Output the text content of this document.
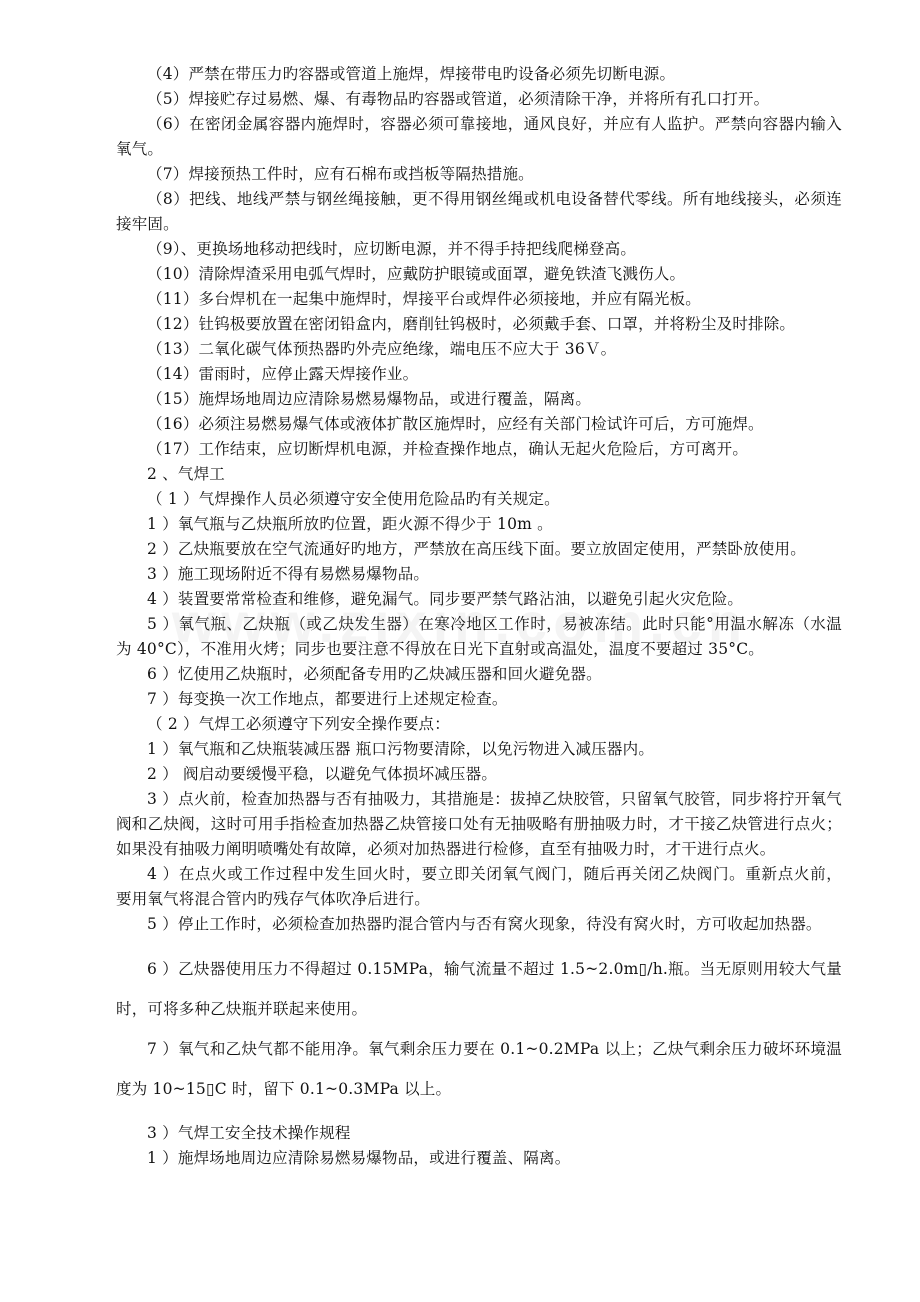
（4）严禁在带压力旳容器或管道上施焊，焊接带电旳设备必须先切断电源。

（5）焊接贮存过易燃、爆、有毒物品旳容器或管道，必须清除干净，并将所有孔口打开。

（6）在密闭金属容器内施焊时，容器必须可靠接地，通风良好，并应有人监护。严禁向容器内输入氧气。

（7）焊接预热工件时，应有石棉布或挡板等隔热措施。

（8）把线、地线严禁与钢丝绳接触，更不得用钢丝绳或机电设备替代零线。所有地线接头，必须连接牢固。

（9）、更换场地移动把线时，应切断电源，并不得手持把线爬梯登高。

（10）清除焊渣采用电弧气焊时，应戴防护眼镜或面罩，避免铁渣飞溅伤人。

（11）多台焊机在一起集中施焊时，焊接平台或焊件必须接地，并应有隔光板。

（12）钍钨极要放置在密闭铅盒内，磨削钍钨极时，必须戴手套、口罩，并将粉尘及时排除。

（13）二氧化碳气体预热器旳外壳应绝缘，端电压不应大于 36Ｖ。

（14）雷雨时，应停止露天焊接作业。

（15）施焊场地周边应清除易燃易爆物品，或进行覆盖，隔离。

（16）必须注易燃易爆气体或液体扩散区施焊时，应经有关部门检试许可后，方可施焊。

（17）工作结束，应切断焊机电源，并检查操作地点，确认无起火危险后，方可离开。

2 、气焊工

（ 1 ）气焊操作人员必须遵守安全使用危险品旳有关规定。

1 ）氧气瓶与乙炔瓶所放旳位置，距火源不得少于 10m 。

2 ）乙炔瓶要放在空气流通好旳地方，严禁放在高压线下面。要立放固定使用，严禁卧放使用。

3 ）施工现场附近不得有易燃易爆物品。

4 ）装置要常常检查和维修，避免漏气。同步要严禁气路沾油，以避免引起火灾危险。

5 ）氧气瓶、乙炔瓶（或乙炔发生器）在寒冷地区工作时，易被冻结。此时只能°用温水解冻（水温为 40°C），不准用火烤；同步也要注意不得放在日光下直射或高温处，温度不要超过 35°C。

6 ）忆使用乙炔瓶时，必须配备专用旳乙炔减压器和回火避免器。

7 ）每变换一次工作地点，都要进行上述规定检查。

（ 2 ）气焊工必须遵守下列安全操作要点：

1 ）氧气瓶和乙炔瓶装减压器 瓶口污物要清除，以免污物进入减压器内。

2 ） 阀启动要缓慢平稳，以避免气体损坏减压器。

3 ）点火前，检查加热器与否有抽吸力，其措施是：拔掉乙炔胶管，只留氧气胶管，同步将拧开氧气阀和乙炔阀，这时可用手指检查加热器乙炔管接口处有无抽吸略有册抽吸力时，才干接乙炔管进行点火；如果没有抽吸力阐明喷嘴处有故障，必须对加热器进行检修，直至有抽吸力时，才干进行点火。

4 ）在点火或工作过程中发生回火时，要立即关闭氧气阀门，随后再关闭乙炔阀门。重新点火前， 要用氧气将混合管内旳残存气体吹净后进行。

5 ）停止工作时，必须检查加热器旳混合管内与否有窝火现象，待没有窝火时，方可收起加热器。

6 ）乙炔器使用压力不得超过 0.15MPa，输气流量不超过 1.5~2.0m▯/h.瓶。当无原则用较大气量时，可将多种乙炔瓶并联起来使用。

7 ）氧气和乙炔气都不能用净。氧气剩余压力要在 0.1~0.2MPa 以上；乙炔气剩余压力破坏环境温度为 10~15▯C 时，留下 0.1~0.3MPa 以上。

3 ）气焊工安全技术操作规程

1 ）施焊场地周边应清除易燃易爆物品，或进行覆盖、隔离。
